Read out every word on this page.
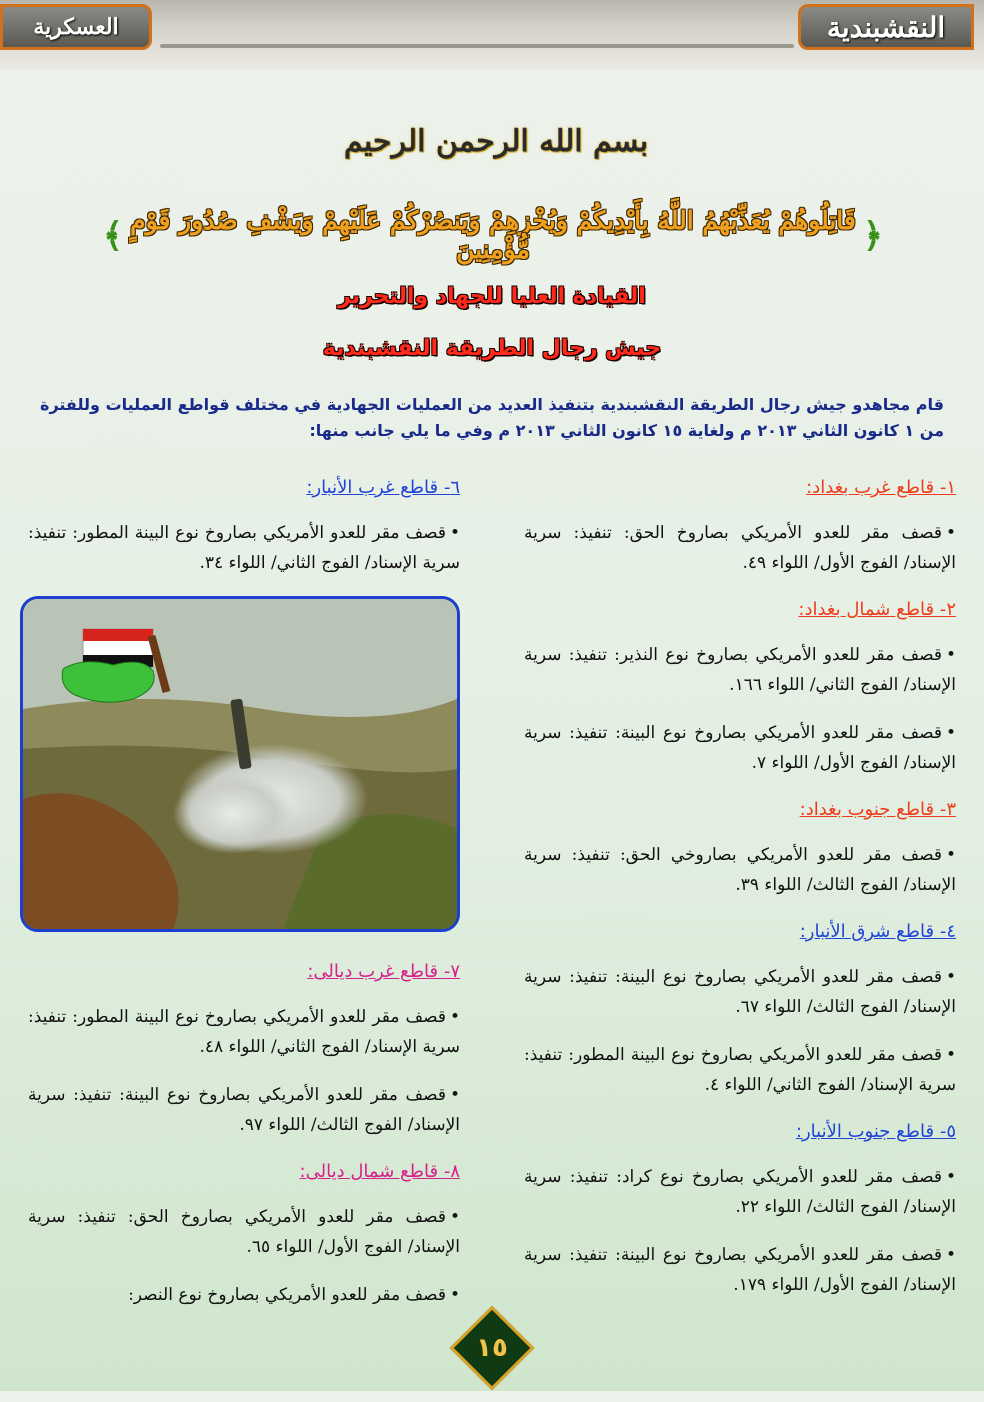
العسكرية	النقشبندية
بسم الله الرحمن الرحيم
﴿
قَاتِلُوهُمْ يُعَذِّبْهُمُ اللَّهُ بِأَيْدِيكُمْ وَيُخْزِهِمْ وَيَنصُرْكُمْ عَلَيْهِمْ وَيَشْفِ صُدُورَ قَوْمٍ مُّؤْمِنِينَ
﴾
القيادة العليا للجهاد والتحرير
جيش رجال الطريقة النقشبندية
قام مجاهدو جيش رجال الطريقة النقشبندية بتنفيذ العديد من العمليات الجهادية في مختلف قواطع العمليات وللفترة من ١ كانون الثاني ٢٠١٣ م ولغاية ١٥ كانون الثاني ٢٠١٣ م وفي ما يلي جانب منها:
١- قاطع غرب بغداد:
•قصف مقر للعدو الأمريكي بصاروخ الحق: تنفيذ: سرية الإسناد/ الفوج الأول/ اللواء ٤٩.
٢- قاطع شمال بغداد:
•قصف مقر للعدو الأمريكي بصاروخ نوع النذير: تنفيذ: سرية الإسناد/ الفوج الثاني/ اللواء ١٦٦.
•قصف مقر للعدو الأمريكي بصاروخ نوع البينة: تنفيذ: سرية الإسناد/ الفوج الأول/ اللواء ٧.
٣- قاطع جنوب بغداد:
•قصف مقر للعدو الأمريكي بصاروخي الحق: تنفيذ: سرية الإسناد/ الفوج الثالث/ اللواء ٣٩.
٤- قاطع شرق الأنبار:
•قصف مقر للعدو الأمريكي بصاروخ نوع البينة: تنفيذ: سرية الإسناد/ الفوج الثالث/ اللواء ٦٧.
•قصف مقر للعدو الأمريكي بصاروخ نوع البينة المطور: تنفيذ: سرية الإسناد/ الفوج الثاني/ اللواء ٤.
٥- قاطع جنوب الأنبار:
•قصف مقر للعدو الأمريكي بصاروخ نوع كراد: تنفيذ: سرية الإسناد/ الفوج الثالث/ اللواء ٢٢.
•قصف مقر للعدو الأمريكي بصاروخ نوع البينة: تنفيذ: سرية الإسناد/ الفوج الأول/ اللواء ١٧٩.
٦- قاطع غرب الأنبار:
•قصف مقر للعدو الأمريكي بصاروخ نوع البينة المطور: تنفيذ: سرية الإسناد/ الفوج الثاني/ اللواء ٣٤.
٧- قاطع غرب ديالى:
•قصف مقر للعدو الأمريكي بصاروخ نوع البينة المطور: تنفيذ: سرية الإسناد/ الفوج الثاني/ اللواء ٤٨.
•قصف مقر للعدو الأمريكي بصاروخ نوع البينة: تنفيذ: سرية الإسناد/ الفوج الثالث/ اللواء ٩٧.
٨- قاطع شمال ديالى:
•قصف مقر للعدو الأمريكي بصاروخ الحق: تنفيذ: سرية الإسناد/ الفوج الأول/ اللواء ٦٥.
•قصف مقر للعدو الأمريكي بصاروخ نوع النصر:
١٥
